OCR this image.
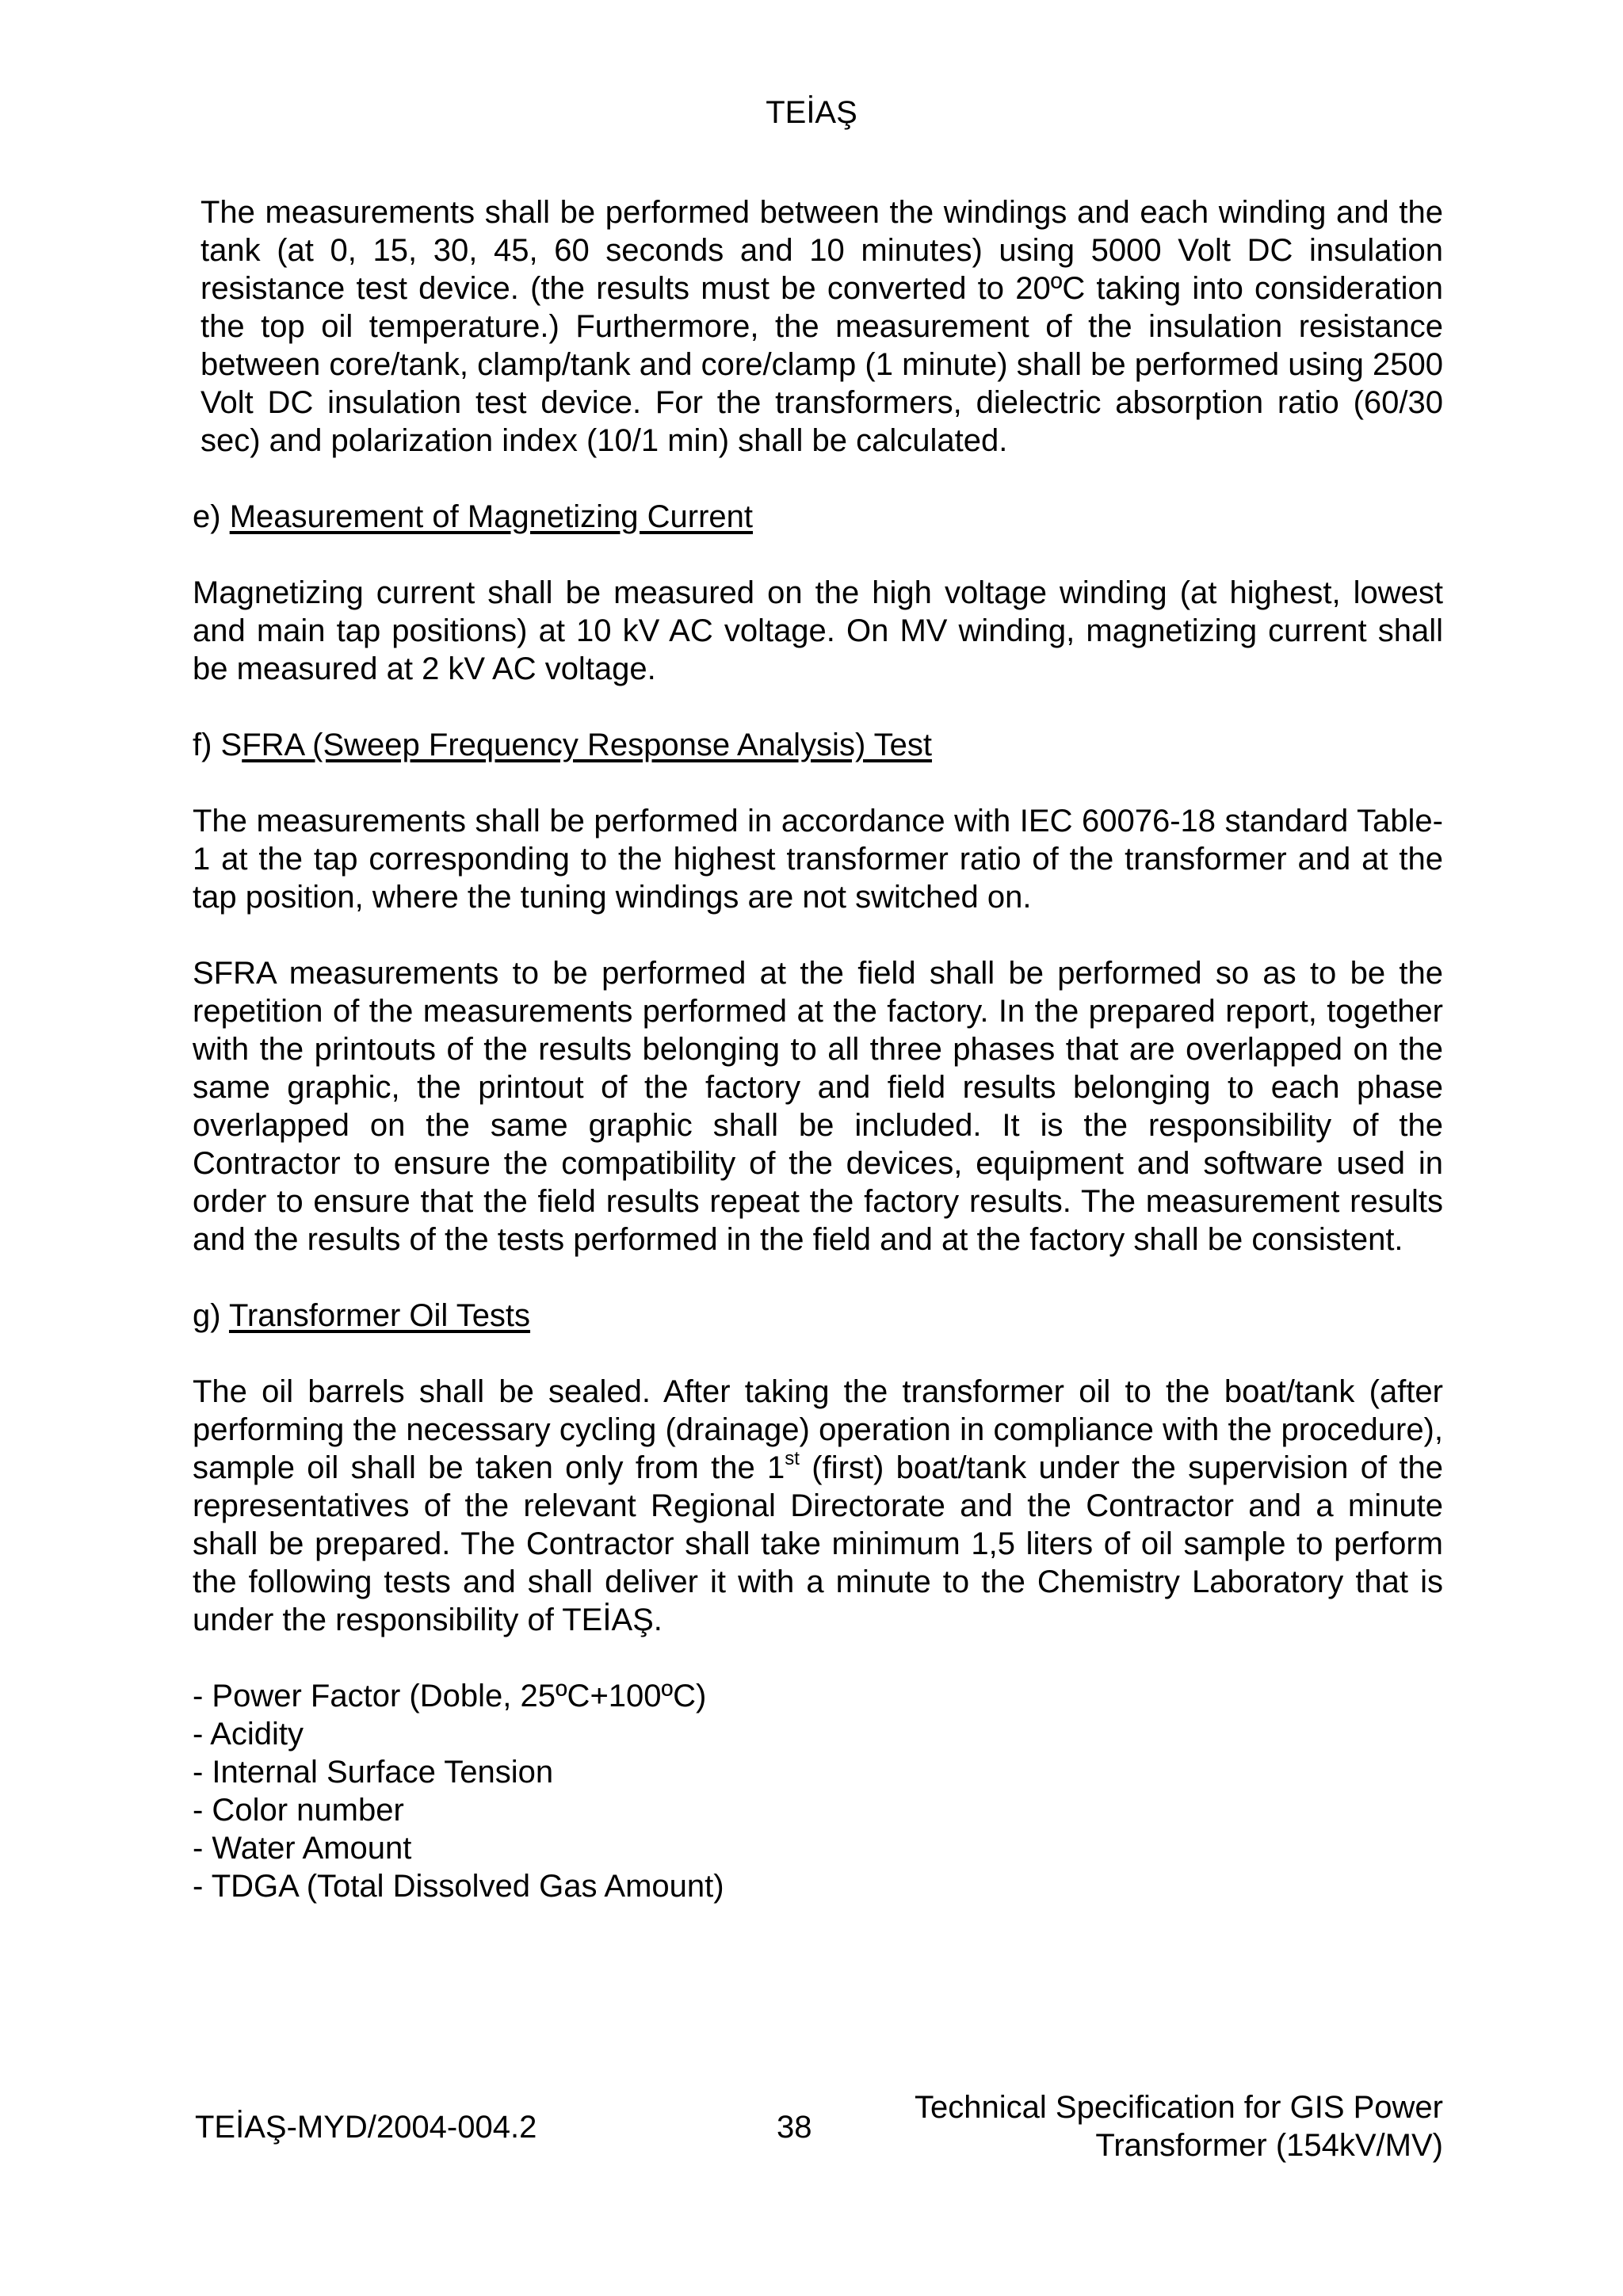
TEİAŞ

The measurements shall be performed between the windings and each winding and the tank (at 0, 15, 30, 45, 60 seconds and 10 minutes) using 5000 Volt DC insulation resistance test device. (the results must be converted to 20ºC taking into consideration the top oil temperature.) Furthermore, the measurement of the insulation resistance between core/tank, clamp/tank and core/clamp (1 minute) shall be performed using 2500 Volt DC insulation test device. For the transformers, dielectric absorption ratio (60/30 sec) and polarization index (10/1 min) shall be calculated.

e) Measurement of Magnetizing Current

Magnetizing current shall be measured on the high voltage winding (at highest, lowest and main tap positions) at 10 kV AC voltage. On MV winding, magnetizing current shall be measured at 2 kV AC voltage.

f) SFRA (Sweep Frequency Response Analysis) Test

The measurements shall be performed in accordance with IEC 60076-18 standard Table-1 at the tap corresponding to the highest transformer ratio of the transformer and at the tap position, where the tuning windings are not switched on.

SFRA measurements to be performed at the field shall be performed so as to be the repetition of the measurements performed at the factory. In the prepared report, together with the printouts of the results belonging to all three phases that are overlapped on the same graphic, the printout of the factory and field results belonging to each phase overlapped on the same graphic shall be included. It is the responsibility of the Contractor to ensure the compatibility of the devices, equipment and software used in order to ensure that the field results repeat the factory results. The measurement results and the results of the tests performed in the field and at the factory shall be consistent.

g) Transformer Oil Tests

The oil barrels shall be sealed. After taking the transformer oil to the boat/tank (after performing the necessary cycling (drainage) operation in compliance with the procedure), sample oil shall be taken only from the 1st (first) boat/tank under the supervision of the representatives of the relevant Regional Directorate and the Contractor and a minute shall be prepared. The Contractor shall take minimum 1,5 liters of oil sample to perform the following tests and shall deliver it with a minute to the Chemistry Laboratory that is under the responsibility of TEİAŞ.

- Power Factor (Doble, 25ºC+100ºC)
- Acidity
- Internal Surface Tension
- Color number
- Water Amount
- TDGA (Total Dissolved Gas Amount)
TEİAŞ-MYD/2004-004.2	38
Technical Specification for GIS Power
Transformer (154kV/MV)
